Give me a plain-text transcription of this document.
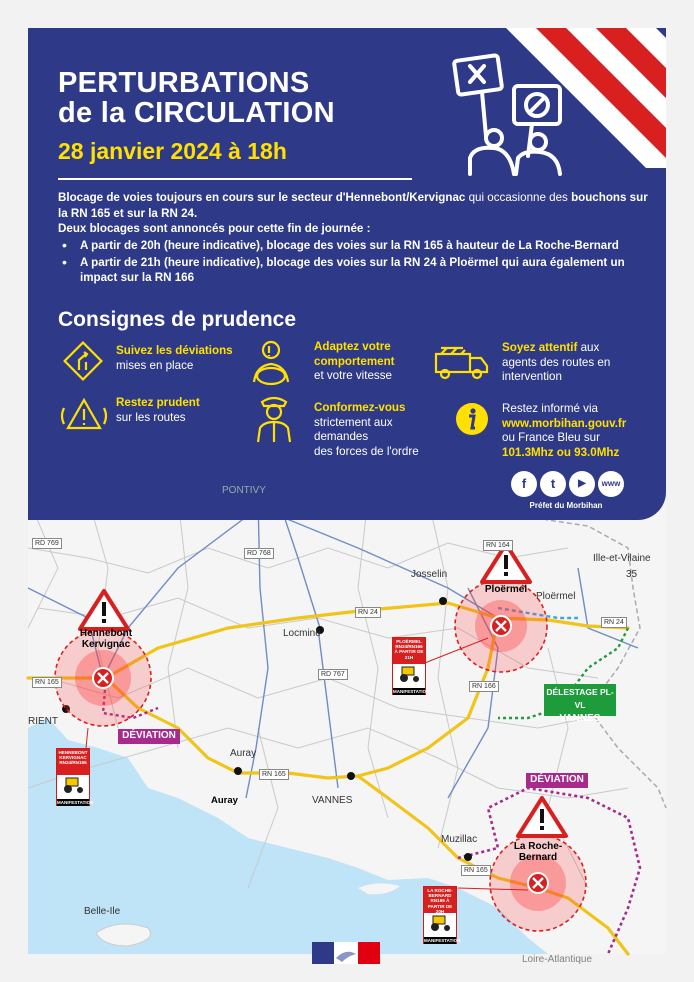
PERTURBATIONS
de la CIRCULATION
28 janvier 2024 à 18h
Blocage de voies toujours en cours sur le secteur d'Hennebont/Kervignac qui occasionne des bouchons sur la RN 165 et sur la RN 24.
Deux blocages sont annoncés pour cette fin de journée :
• A partir de 20h (heure indicative), blocage des voies sur la RN 165 à hauteur de La Roche-Bernard
• A partir de 21h (heure indicative), blocage des voies sur la RN 24 à Ploërmel qui aura également un impact sur la RN 166
Consignes de prudence
Suivez les déviations
mises en place
Adaptez votre
comportement
et votre vitesse
Soyez attentif aux
agents des routes en
intervention
Restez prudent
sur les routes
Conformez-vous
strictement aux
demandes
des forces de l'ordre
Restez informé via
www.morbihan.gouv.fr
ou France Bleu sur
101.3Mhz ou 93.0Mhz
f	t	▶	www
Préfet du Morbihan
PONTIVY
Josselin
Ille-et-Vilaine
35
Ploërmel
Locminé
RIENT
Auray
Auray	VANNES
Muzillac
Belle-Ile
Loire-Atlantique
RD 769
RD 768
RN 24
RN 24
RN 164
RN 166
RD 767
RN 165
RN 165
RN 165
Hennebont
Kervignac
Ploërmel
La Roche-
Bernard
DÉVIATION
DÉVIATION
DÉLESTAGE PL-VL
VANNES
HENNEBONT KERVIGNAC RN24/RN165
MANIFESTATION
PLOËRMEL RN24/RN166 À PARTIR DE 21H
MANIFESTATION
LA ROCHE-BERNARD RN165 À PARTIR DE 20H
MANIFESTATION
